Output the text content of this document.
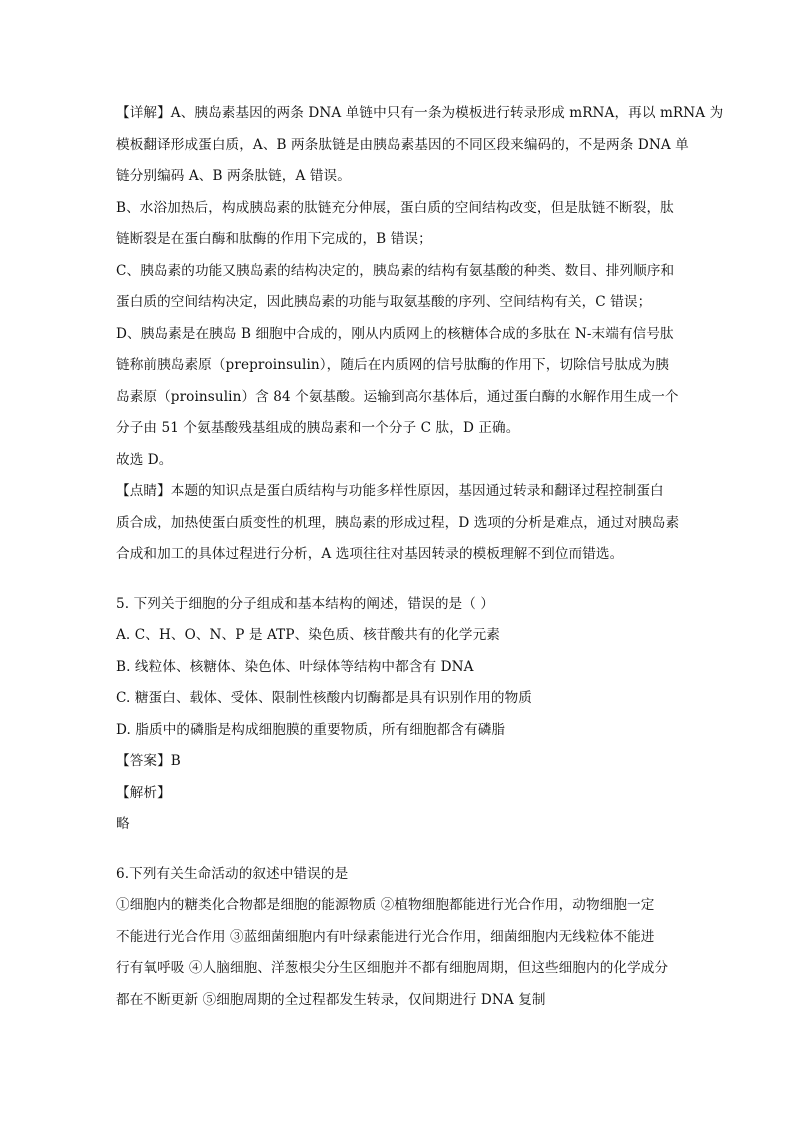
【详解】A、胰岛素基因的两条 DNA 单链中只有一条为模板进行转录形成 mRNA，再以 mRNA 为
模板翻译形成蛋白质，A、B 两条肽链是由胰岛素基因的不同区段来编码的，不是两条 DNA 单
链分别编码 A、B 两条肽链，A 错误。
B、水浴加热后，构成胰岛素的肽链充分伸展，蛋白质的空间结构改变，但是肽链不断裂，肽
链断裂是在蛋白酶和肽酶的作用下完成的，B 错误；
C、胰岛素的功能又胰岛素的结构决定的，胰岛素的结构有氨基酸的种类、数目、排列顺序和
蛋白质的空间结构决定，因此胰岛素的功能与取氨基酸的序列、空间结构有关，C 错误；
D、胰岛素是在胰岛 B 细胞中合成的，刚从内质网上的核糖体合成的多肽在 N-末端有信号肽
链称前胰岛素原（preproinsulin），随后在内质网的信号肽酶的作用下，切除信号肽成为胰
岛素原（proinsulin）含 84 个氨基酸。运输到高尔基体后，通过蛋白酶的水解作用生成一个
分子由 51 个氨基酸残基组成的胰岛素和一个分子 C 肽，D 正确。
故选 D。
【点睛】本题的知识点是蛋白质结构与功能多样性原因，基因通过转录和翻译过程控制蛋白
质合成，加热使蛋白质变性的机理，胰岛素的形成过程，D 选项的分析是难点，通过对胰岛素
合成和加工的具体过程进行分析，A 选项往往对基因转录的模板理解不到位而错选。
5. 下列关于细胞的分子组成和基本结构的阐述，错误的是（ ）
A. C、H、O、N、P 是 ATP、染色质、核苷酸共有的化学元素
B. 线粒体、核糖体、染色体、叶绿体等结构中都含有 DNA
C. 糖蛋白、载体、受体、限制性核酸内切酶都是具有识别作用的物质
D. 脂质中的磷脂是构成细胞膜的重要物质，所有细胞都含有磷脂
【答案】B
【解析】
略
6.下列有关生命活动的叙述中错误的是
①细胞内的糖类化合物都是细胞的能源物质 ②植物细胞都能进行光合作用，动物细胞一定
不能进行光合作用 ③蓝细菌细胞内有叶绿素能进行光合作用，细菌细胞内无线粒体不能进
行有氧呼吸 ④人脑细胞、洋葱根尖分生区细胞并不都有细胞周期，但这些细胞内的化学成分
都在不断更新 ⑤细胞周期的全过程都发生转录，仅间期进行 DNA 复制
